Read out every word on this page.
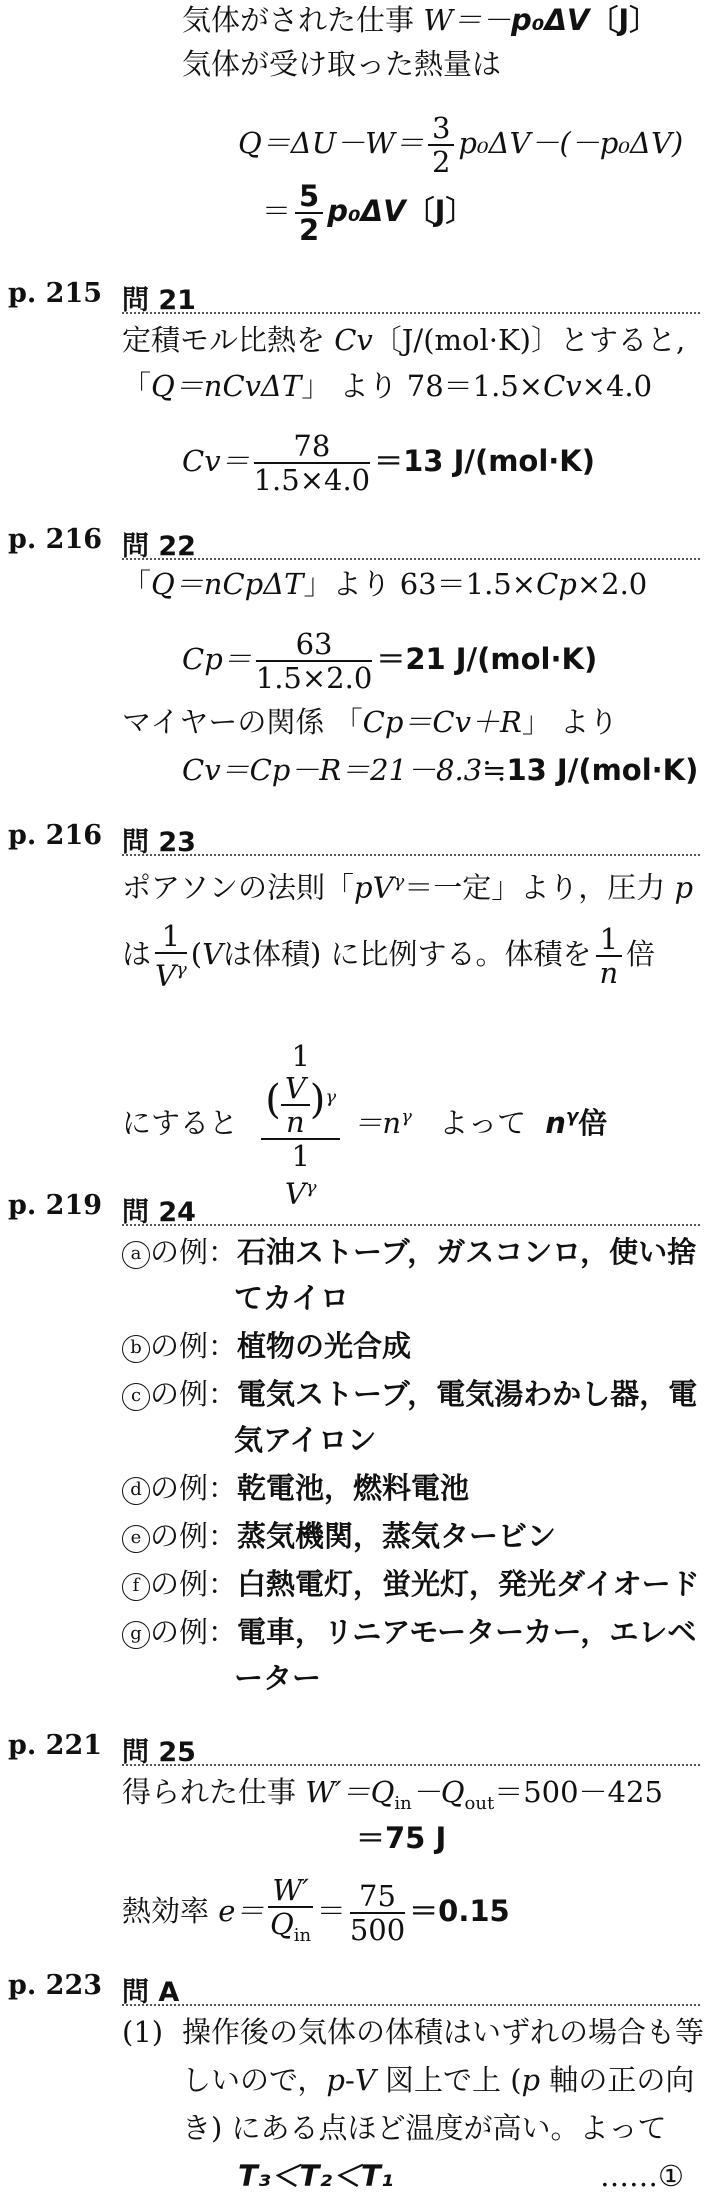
気体がされた仕事 W＝－p₀ΔV〔J〕
気体が受け取った熱量は
$Q=\Delta U-W= \frac{3}{2} p_0\Delta V-(-p_0\Delta V)$
＝ $\frac{5}{2} p_0\Delta V$〔J〕
p. 215 問 21
定積モル比熱を Cv〔J/(mol·K)〕とすると,
「Q＝nCvΔT」 より 78＝1.5×Cv×4.0
$Cv= \frac{78}{1.5\times 4.0} =13$ J/(mol·K)
p. 216 問 22
「Q＝nCpΔT」より 63＝1.5×Cp×2.0
$Cp= \frac{63}{1.5\times 2.0} =21$ J/(mol·K)
マイヤーの関係 「Cp＝Cv＋R」 より
Cv＝Cp－R＝21－8.3≒13 J/(mol·K)
p. 216 問 23
ポアソンの法則「$pV^\gamma=$一定」より，圧力 p
は $\frac{1}{V^\gamma} (V$は体積) に比例する。体積を $\frac{1}{n}$ 倍
にすると 1
( $\frac{V}{n} )^\gamma$
1
$V^\gamma =n^\gamma$ よって $n^\gamma$倍
p. 219 問 24
a の例：石油ストーブ，ガスコンロ，使い捨
てカイロ
b の例：植物の光合成
c の例：電気ストーブ，電気湯わかし器，電
気アイロン
d の例：乾電池，燃料電池
e の例：蒸気機関，蒸気タービン
f の例：白熱電灯，蛍光灯，発光ダイオード
g の例：電車，リニアモーターカー，エレベ
ーター
p. 221 問 25
得られた仕事 $W'=Q_{in}-Q_{out}=500-425$
＝75 J
熱効率 $e= \frac{W'}{Q_{in}} = \frac{75}{500} =0.15$
p. 223 問 A
(1) 操作後の気体の体積はいずれの場合も等
しいので，p-V 図上で上 (p 軸の正の向
き) にある点ほど温度が高い。よって
T₃＜T₂＜T₁	……①
